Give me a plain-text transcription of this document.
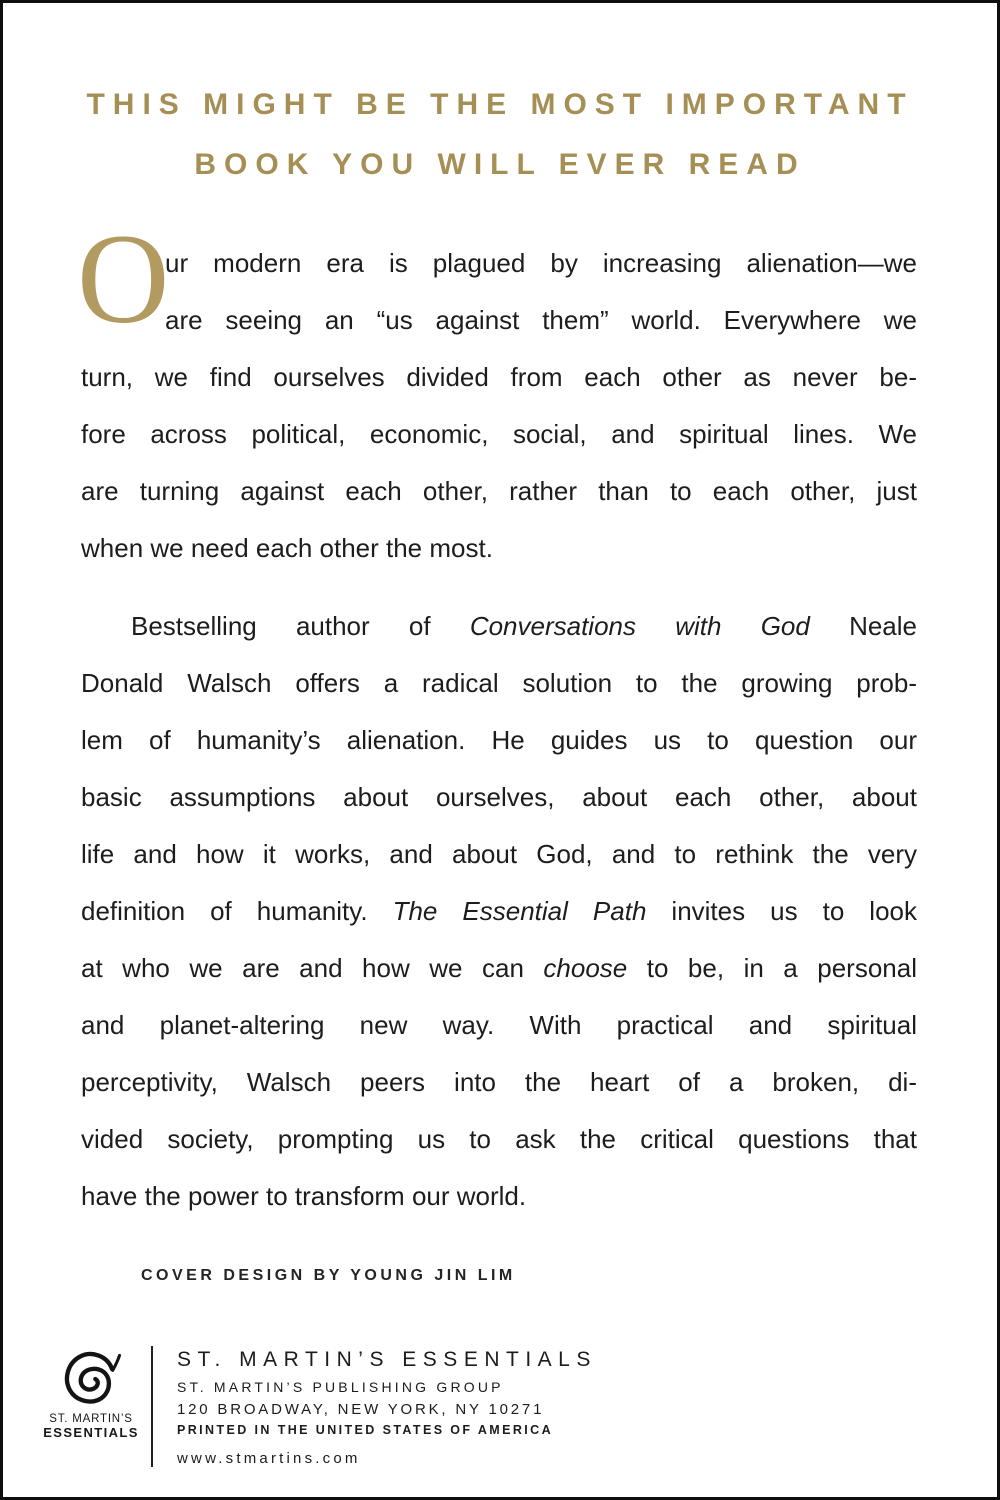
THIS MIGHT BE THE MOST IMPORTANT
BOOK YOU WILL EVER READ
O
ur modern era is plagued by increasing alienation—we
are seeing an “us against them” world. Everywhere we
turn, we find ourselves divided from each other as never be-
fore across political, economic, social, and spiritual lines. We
are turning against each other, rather than to each other, just
when we need each other the most.
Bestselling author of Conversations with God Neale
Donald Walsch offers a radical solution to the growing prob-
lem of humanity’s alienation. He guides us to question our
basic assumptions about ourselves, about each other, about
life and how it works, and about God, and to rethink the very
definition of humanity. The Essential Path invites us to look
at who we are and how we can choose to be, in a personal
and planet-altering new way. With practical and spiritual
perceptivity, Walsch peers into the heart of a broken, di-
vided society, prompting us to ask the critical questions that
have the power to transform our world.
COVER DESIGN BY YOUNG JIN LIM
ST. MARTIN’S
ESSENTIALS
ST. MARTIN’S ESSENTIALS
ST. MARTIN’S PUBLISHING GROUP
120 BROADWAY, NEW YORK, NY 10271
PRINTED IN THE UNITED STATES OF AMERICA
www.stmartins.com
